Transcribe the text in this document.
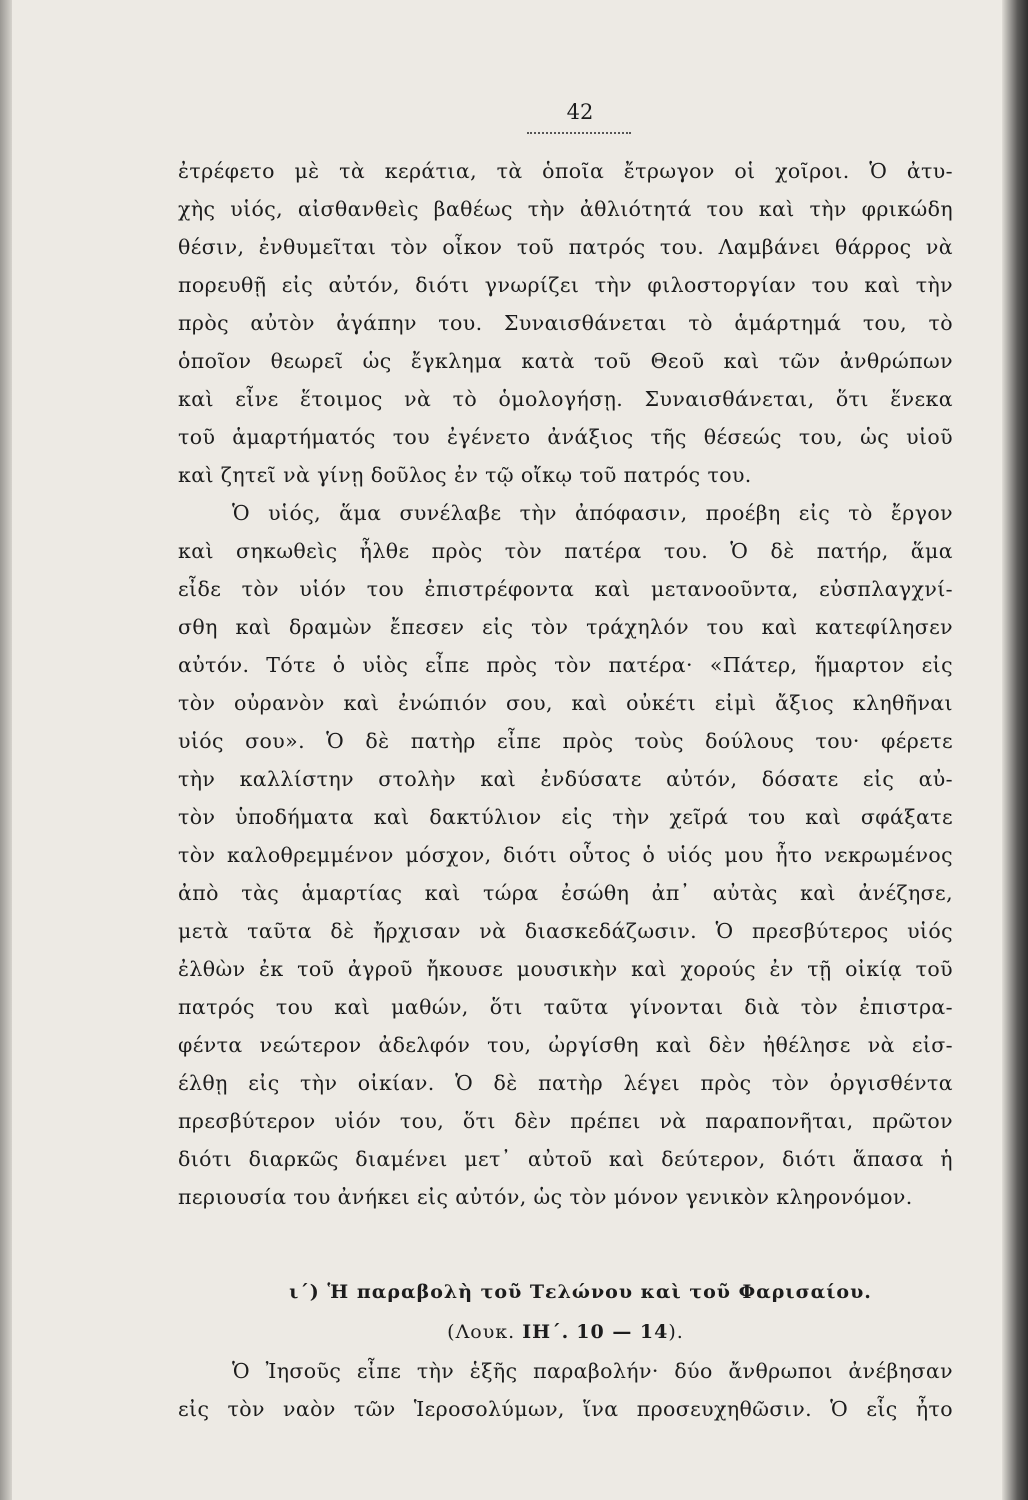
42
ἐτρέφετο μὲ τὰ κεράτια, τὰ ὁποῖα ἔτρωγον οἱ χοῖροι. Ὁ ἀτυ-
χὴς υἱός, αἰσθανθεὶς βαθέως τὴν ἀθλιότητά του καὶ τὴν φρικώδη
θέσιν, ἐνθυμεῖται τὸν οἶκον τοῦ πατρός του. Λαμβάνει θάρρος νὰ
πορευθῇ εἰς αὐτόν, διότι γνωρίζει τὴν φιλοστοργίαν του καὶ τὴν
πρὸς αὐτὸν ἀγάπην του. Συναισθάνεται τὸ ἁμάρτημά του, τὸ
ὁποῖον θεωρεῖ ὡς ἔγκλημα κατὰ τοῦ Θεοῦ καὶ τῶν ἀνθρώπων
καὶ εἶνε ἕτοιμος νὰ τὸ ὁμολογήσῃ. Συναισθάνεται, ὅτι ἕνεκα
τοῦ ἁμαρτήματός του ἐγένετο ἀνάξιος τῆς θέσεώς του, ὡς υἱοῦ
καὶ ζητεῖ νὰ γίνῃ δοῦλος ἐν τῷ οἴκῳ τοῦ πατρός του.
Ὁ υἱός, ἅμα συνέλαβε τὴν ἀπόφασιν, προέβη εἰς τὸ ἔργον
καὶ σηκωθεὶς ἦλθε πρὸς τὸν πατέρα του. Ὁ δὲ πατήρ, ἅμα
εἶδε τὸν υἱόν του ἐπιστρέφοντα καὶ μετανοοῦντα, εὐσπλαγχνί-
σθη καὶ δραμὼν ἔπεσεν εἰς τὸν τράχηλόν του καὶ κατεφίλησεν
αὐτόν. Τότε ὁ υἱὸς εἶπε πρὸς τὸν πατέρα· «Πάτερ, ἥμαρτον εἰς
τὸν οὐρανὸν καὶ ἐνώπιόν σου, καὶ οὐκέτι εἰμὶ ἄξιος κληθῆναι
υἱός σου». Ὁ δὲ πατὴρ εἶπε πρὸς τοὺς δούλους του· φέρετε
τὴν καλλίστην στολὴν καὶ ἐνδύσατε αὐτόν, δόσατε εἰς αὐ-
τὸν ὑποδήματα καὶ δακτύλιον εἰς τὴν χεῖρά του καὶ σφάξατε
τὸν καλοθρεμμένον μόσχον, διότι οὗτος ὁ υἱός μου ἦτο νεκρωμένος
ἀπὸ τὰς ἁμαρτίας καὶ τώρα ἐσώθη ἀπ᾽ αὐτὰς καὶ ἀνέζησε,
μετὰ ταῦτα δὲ ἤρχισαν νὰ διασκεδάζωσιν. Ὁ πρεσβύτερος υἱός
ἐλθὼν ἐκ τοῦ ἀγροῦ ἤκουσε μουσικὴν καὶ χορούς ἐν τῇ οἰκίᾳ τοῦ
πατρός του καὶ μαθών, ὅτι ταῦτα γίνονται διὰ τὸν ἐπιστρα-
φέντα νεώτερον ἀδελφόν του, ὠργίσθη καὶ δὲν ἠθέλησε νὰ εἰσ-
έλθῃ εἰς τὴν οἰκίαν. Ὁ δὲ πατὴρ λέγει πρὸς τὸν ὀργισθέντα
πρεσβύτερον υἱόν του, ὅτι δὲν πρέπει νὰ παραπονῆται, πρῶτον
διότι διαρκῶς διαμένει μετ᾽ αὐτοῦ καὶ δεύτερον, διότι ἅπασα ἡ
περιουσία του ἀνήκει εἰς αὐτόν, ὡς τὸν μόνον γενικὸν κληρονόμον.
ι΄) Ἡ παραβολὴ τοῦ Τελώνου καὶ τοῦ Φαρισαίου.
(Λουκ. ΙΗ΄. 10 — 14).
Ὁ Ἰησοῦς εἶπε τὴν ἑξῆς παραβολήν· δύο ἄνθρωποι ἀνέβησαν
εἰς τὸν ναὸν τῶν Ἱεροσολύμων, ἵνα προσευχηθῶσιν. Ὁ εἷς ἦτο
